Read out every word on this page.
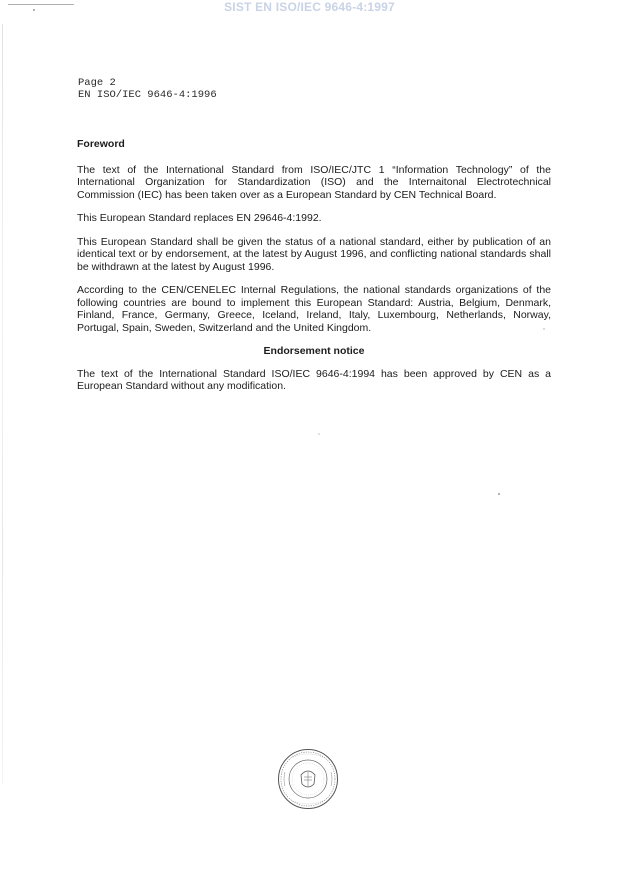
SIST EN ISO/IEC 9646-4:1997
Page 2
EN ISO/IEC 9646-4:1996
Foreword

The text of the International Standard from ISO/IEC/JTC 1 “Information Technology” of the International Organization for Standardization (ISO) and the Internaitonal Electrotechnical Commission (IEC) has been taken over as a European Standard by CEN Technical Board.

This European Standard replaces EN 29646-4:1992.

This European Standard shall be given the status of a national standard, either by publication of an identical text or by endorsement, at the latest by August 1996, and conflicting national standards shall be withdrawn at the latest by August 1996.

According to the CEN/CENELEC Internal Regulations, the national standards organizations of the following countries are bound to implement this European Standard: Austria, Belgium, Denmark, Finland, France, Germany, Greece, Iceland, Ireland, Italy, Luxembourg, Netherlands, Norway, Portugal, Spain, Sweden, Switzerland and the United Kingdom.

Endorsement notice

The text of the International Standard ISO/IEC 9646-4:1994 has been approved by CEN as a European Standard without any modification.
